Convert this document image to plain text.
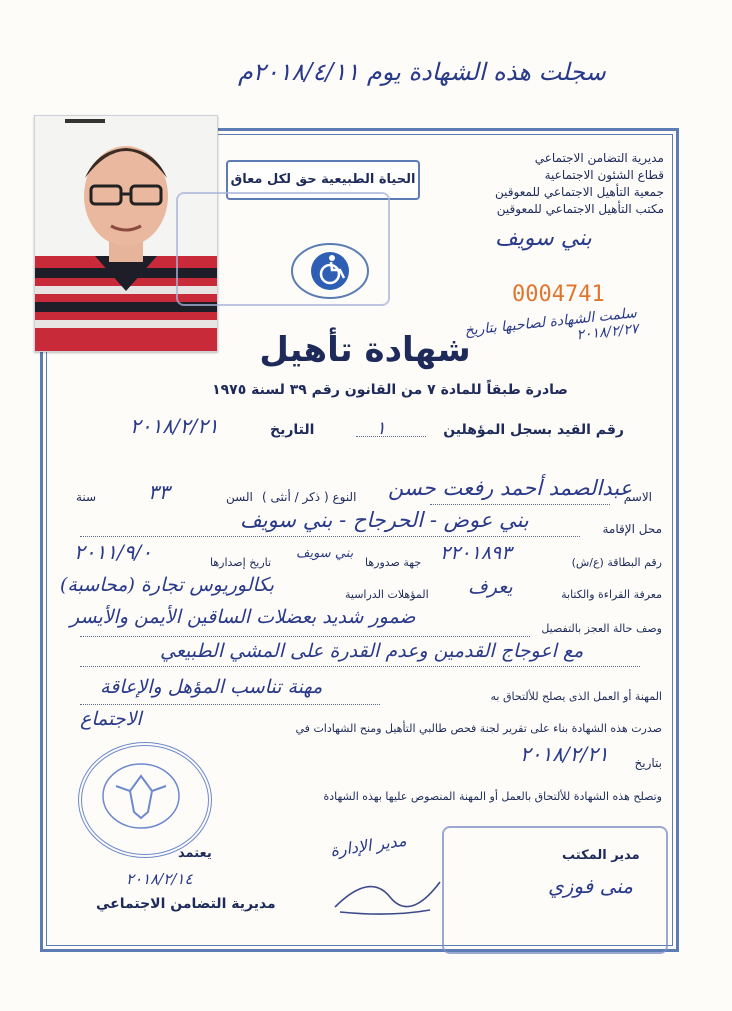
سجلت هذه الشهادة يوم ٢٠١٨/٤/١١م
مديرية التضامن الاجتماعي
قطاع الشئون الاجتماعية
جمعية التأهيل الاجتماعي للمعوقين
مكتب التأهيل الاجتماعي للمعوقين
بني سويف
0004741
سلمت الشهادة لصاحبها بتاريخ ٢٠١٨/٢/٢٧
الحياة الطبيعية حق لكل معاق
شهادة تأهيل
صادرة طبقاً للمادة ٧ من القانون رقم ٣٩ لسنة ١٩٧٥
رقم القيد بسجل المؤهلين
١
التاريخ
٢٠١٨/٢/٢١
الاسم
عبدالصمد أحمد رفعت حسن
النوع ( ذكر / أنثى )
السن
٣٣
سنة
محل الإقامة
بني عوض - الحرجاح - بني سويف
رقم البطاقة (ع/ش)
٢٢٠١٨٩٣
جهة صدورها
بني سويف
تاريخ إصدارها
٢٠١١/٩/٠
معرفة القراءة والكتابة
يعرف
المؤهلات الدراسية
بكالوريوس تجارة (محاسبة)
وصف حالة العجز بالتفصيل
ضمور شديد بعضلات الساقين الأيمن والأيسر
مع اعوجاج القدمين وعدم القدرة على المشي الطبيعي
المهنة أو العمل الذى يصلح للألتحاق به
مهنة تناسب المؤهل والإعاقة
صدرت هذه الشهادة بناء على تقرير لجنة فحص طالبي التأهيل ومنح الشهادات في
الاجتماع
بتاريخ
٢٠١٨/٢/٢١
وتصلح هذه الشهادة للألتحاق بالعمل أو المهنة المنصوص عليها بهذه الشهادة
يعتمد
٢٠١٨/٢/١٤
مديرية التضامن الاجتماعي
مدير الإدارة	مدير المكتب
منى فوزي
